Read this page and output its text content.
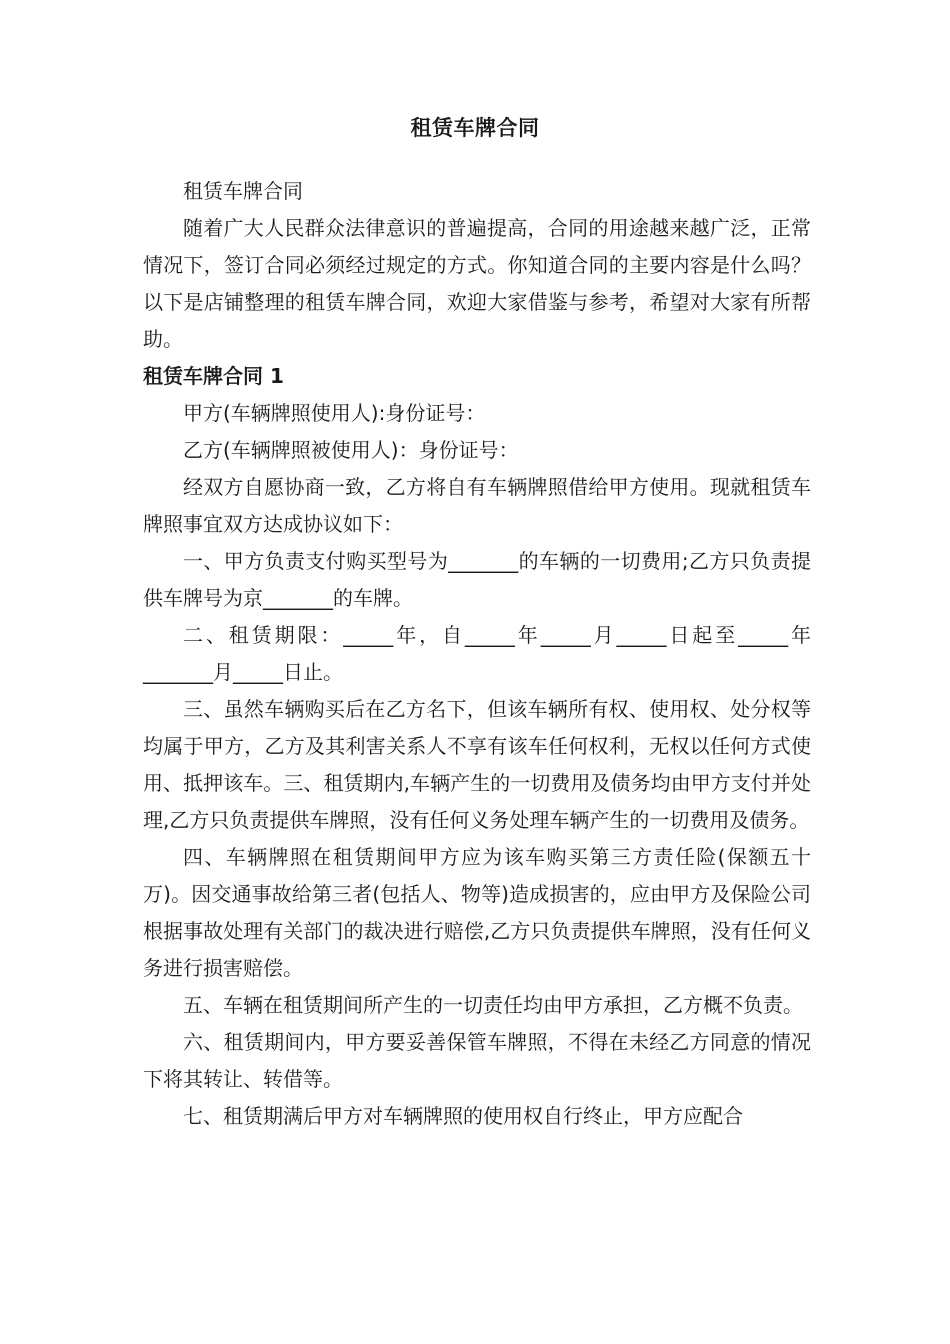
租赁车牌合同

租赁车牌合同

随着广大人民群众法律意识的普遍提高，合同的用途越来越广泛，正常情况下，签订合同必须经过规定的方式。你知道合同的主要内容是什么吗？以下是店铺整理的租赁车牌合同，欢迎大家借鉴与参考，希望对大家有所帮助。

租赁车牌合同 1

甲方(车辆牌照使用人):身份证号：

乙方(车辆牌照被使用人)：身份证号：

经双方自愿协商一致，乙方将自有车辆牌照借给甲方使用。现就租赁车牌照事宜双方达成协议如下：

一、甲方负责支付购买型号为_______的车辆的一切费用;乙方只负责提供车牌号为京_______的车牌。

二、租赁期限：_____年，自_____年_____月_____日起至_____年_______月_____日止。

三、虽然车辆购买后在乙方名下，但该车辆所有权、使用权、处分权等均属于甲方，乙方及其利害关系人不享有该车任何权利，无权以任何方式使用、抵押该车。三、租赁期内,车辆产生的一切费用及债务均由甲方支付并处理,乙方只负责提供车牌照，没有任何义务处理车辆产生的一切费用及债务。

四、车辆牌照在租赁期间甲方应为该车购买第三方责任险(保额五十万)。因交通事故给第三者(包括人、物等)造成损害的，应由甲方及保险公司根据事故处理有关部门的裁决进行赔偿,乙方只负责提供车牌照，没有任何义务进行损害赔偿。

五、车辆在租赁期间所产生的一切责任均由甲方承担，乙方概不负责。

六、租赁期间内，甲方要妥善保管车牌照，不得在未经乙方同意的情况下将其转让、转借等。

七、租赁期满后甲方对车辆牌照的使用权自行终止，甲方应配合
